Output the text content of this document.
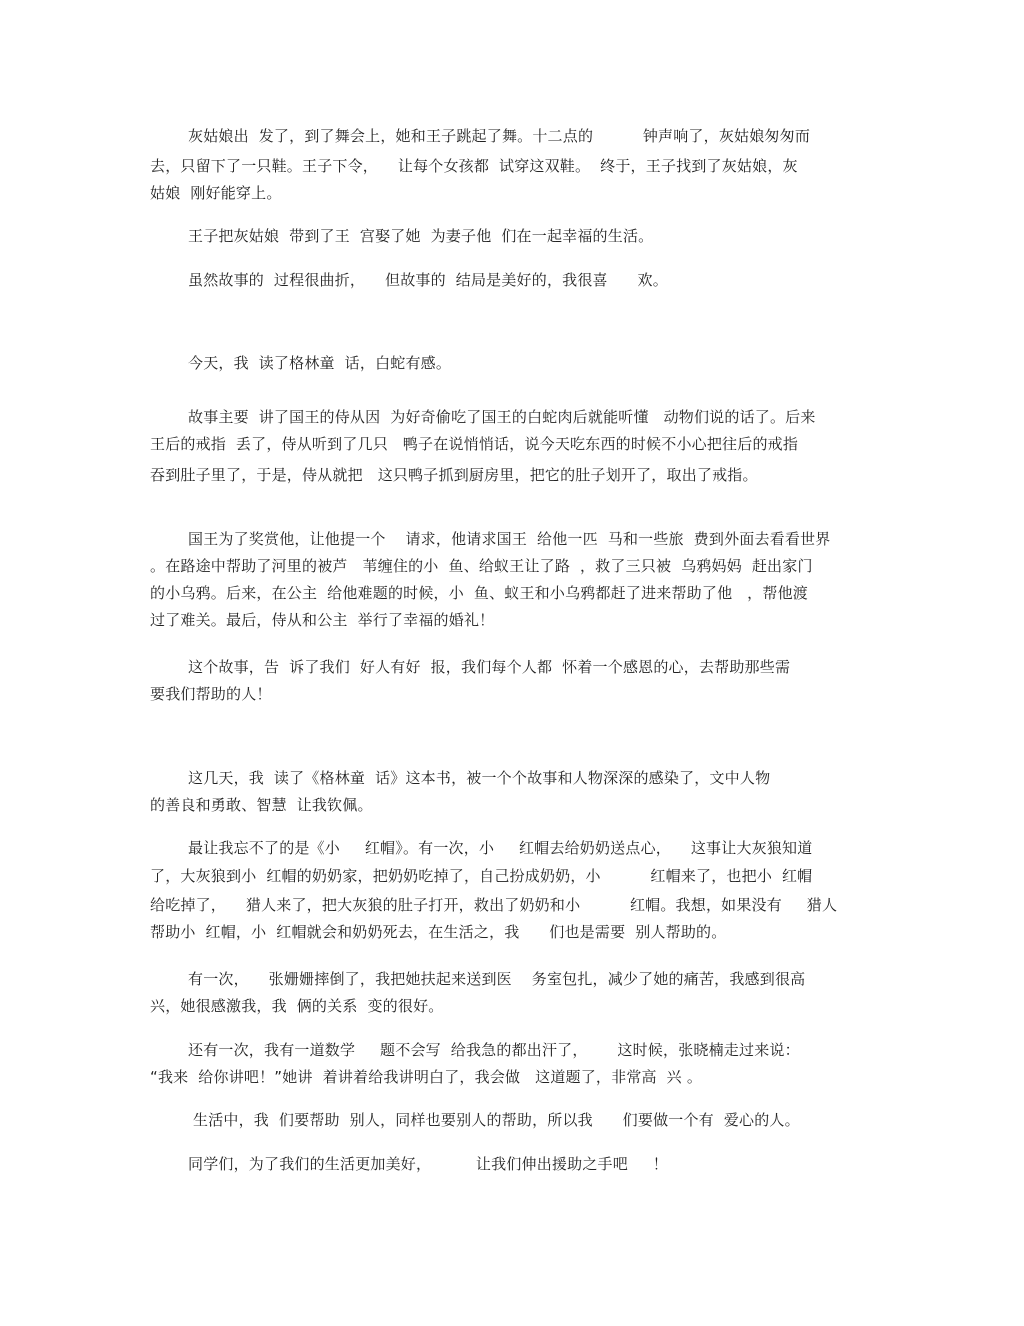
灰姑娘出  发了，到了舞会上，她和王子跳起了舞。十二点的          钟声响了，灰姑娘匆匆而
去，只留下了一只鞋。王子下令，    让每个女孩都  试穿这双鞋。  终于，王子找到了灰姑娘，灰
姑娘  刚好能穿上。
王子把灰姑娘  带到了王  宫娶了她  为妻子他  们在一起幸福的生活。
虽然故事的  过程很曲折，    但故事的  结局是美好的，我很喜      欢。
今天，我  读了格林童  话，白蛇有感。
故事主要  讲了国王的侍从因  为好奇偷吃了国王的白蛇肉后就能听懂   动物们说的话了。后来
王后的戒指  丢了，侍从听到了几只   鸭子在说悄悄话，说今天吃东西的时候不小心把往后的戒指
吞到肚子里了，于是，侍从就把   这只鸭子抓到厨房里，把它的肚子划开了，取出了戒指。
国王为了奖赏他，让他提一个    请求，他请求国王  给他一匹  马和一些旅  费到外面去看看世界
。在路途中帮助了河里的被芦   苇缠住的小  鱼、给蚁王让了路  ，救了三只被  乌鸦妈妈  赶出家门
的小乌鸦。后来，在公主  给他难题的时候，小  鱼、蚁王和小乌鸦都赶了进来帮助了他   ，帮他渡
过了难关。最后，侍从和公主  举行了幸福的婚礼！
这个故事，告  诉了我们  好人有好  报，我们每个人都  怀着一个感恩的心，去帮助那些需
要我们帮助的人！
这几天，我  读了《格林童  话》这本书，被一个个故事和人物深深的感染了，文中人物
的善良和勇敢、智慧  让我钦佩。
最让我忘不了的是《小     红帽》。有一次，小     红帽去给奶奶送点心，    这事让大灰狼知道
了，大灰狼到小  红帽的奶奶家，把奶奶吃掉了，自己扮成奶奶，小          红帽来了，也把小  红帽
给吃掉了，    猎人来了，把大灰狼的肚子打开，救出了奶奶和小          红帽。我想，如果没有     猎人
帮助小  红帽，小  红帽就会和奶奶死去，在生活之，我      们也是需要  别人帮助的。
有一次，    张姗姗摔倒了，我把她扶起来送到医    务室包扎，减少了她的痛苦，我感到很高
兴，她很感激我，我  俩的关系  变的很好。
还有一次，我有一道数学     题不会写  给我急的都出汗了，      这时候，张晓楠走过来说：
“我来  给你讲吧！”她讲  着讲着给我讲明白了，我会做   这道题了，非常高  兴 。
生活中，我  们要帮助  别人，同样也要别人的帮助，所以我      们要做一个有  爱心的人。
同学们，为了我们的生活更加美好，         让我们伸出援助之手吧     ！
